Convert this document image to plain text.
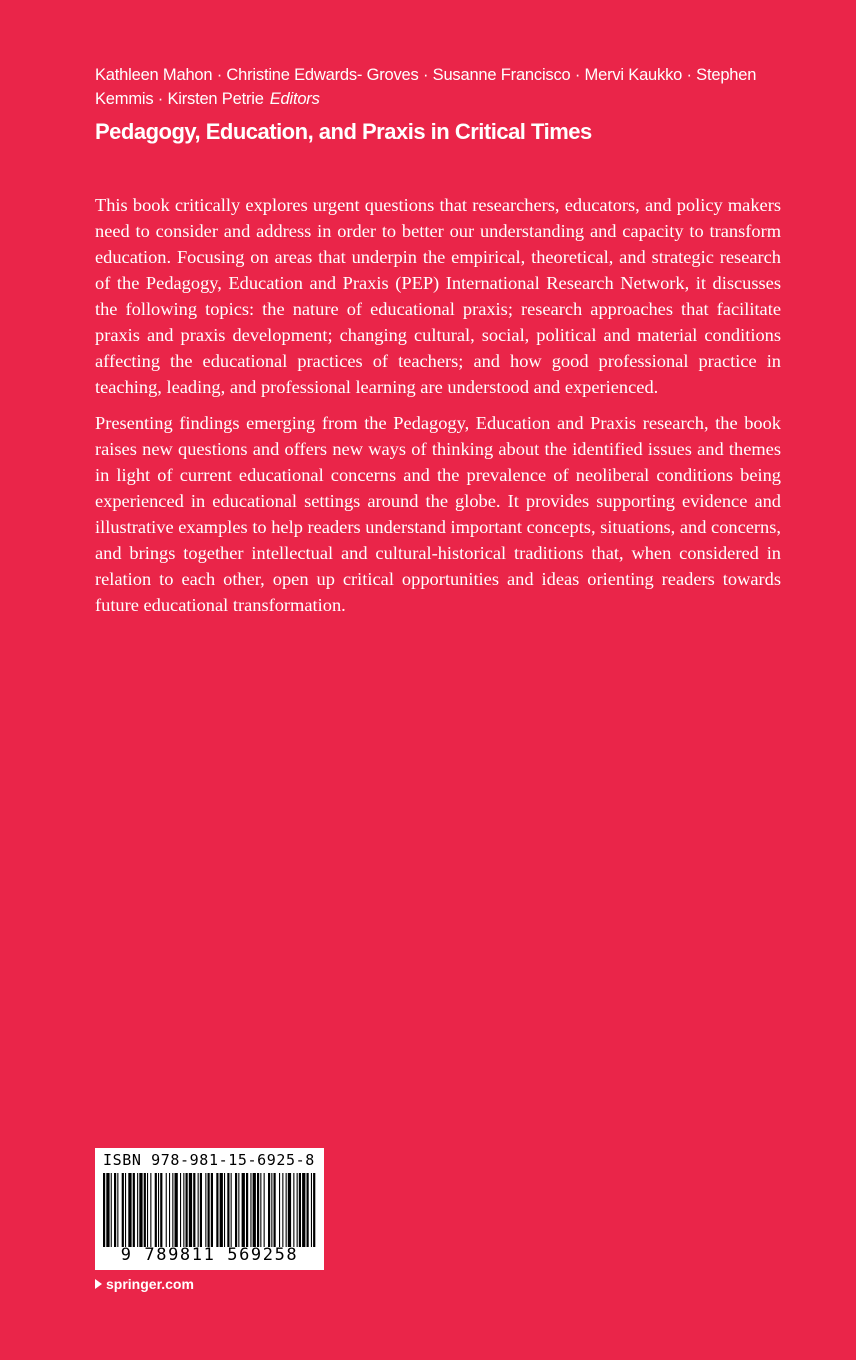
Kathleen Mahon · Christine Edwards- Groves · Susanne Francisco · Mervi Kaukko · Stephen Kemmis · Kirsten Petrie Editors
Pedagogy, Education, and Praxis in Critical Times

This book critically explores urgent questions that researchers, educators, and policy makers need to consider and address in order to better our understanding and capacity to transform education. Focusing on areas that underpin the empirical, theoretical, and strategic research of the Pedagogy, Education and Praxis (PEP) International Research Network, it discusses the following topics: the nature of educational praxis; research approaches that facilitate praxis and praxis development; changing cultural, social, political and material conditions affecting the educational practices of teachers; and how good professional practice in teaching, leading, and professional learning are understood and experienced.

Presenting findings emerging from the Pedagogy, Education and Praxis research, the book raises new questions and offers new ways of thinking about the identified issues and themes in light of current educational concerns and the prevalence of neoliberal conditions being experienced in educational settings around the globe. It provides supporting evidence and illustrative examples to help readers understand important concepts, situations, and concerns, and brings together intellectual and cultural-historical traditions that, when considered in relation to each other, open up critical opportunities and ideas orienting readers towards future educational transformation.

ISBN 978-981-15-6925-8
9 789811 569258
springer.com
